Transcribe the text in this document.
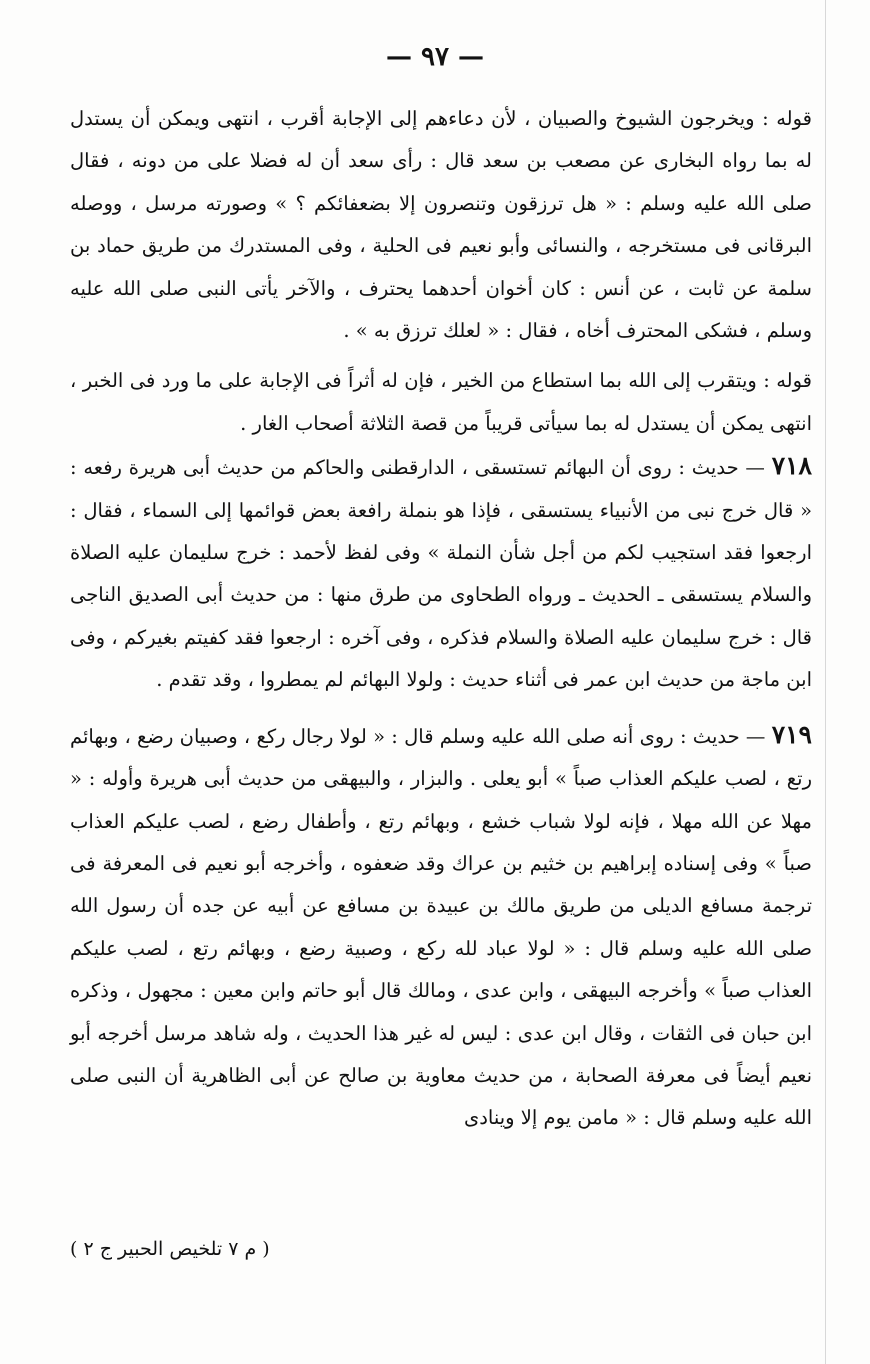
— ٩٧ —

قوله : ويخرجون الشيوخ والصبيان ، لأن دعاءهم إلى الإجابة أقرب ، انتهى ويمكن أن يستدل له بما رواه البخارى عن مصعب بن سعد قال : رأى سعد أن له فضلا على من دونه ، فقال صلى الله عليه وسلم : « هل ترزقون وتنصرون إلا بضعفائكم ؟ » وصورته مرسل ، ووصله البرقانى فى مستخرجه ، والنسائى وأبو نعيم فى الحلية ، وفى المستدرك من طريق حماد بن سلمة عن ثابت ، عن أنس : كان أخوان أحدهما يحترف ، والآخر يأتى النبى صلى الله عليه وسلم ، فشكى المحترف أخاه ، فقال : « لعلك ترزق به » .

قوله : ويتقرب إلى الله بما استطاع من الخير ، فإن له أثراً فى الإجابة على ما ورد فى الخبر ، انتهى يمكن أن يستدل له بما سيأتى قريباً من قصة الثلاثة أصحاب الغار .

٧١٨ — حديث : روى أن البهائم تستسقى ، الدارقطنى والحاكم من حديث أبى هريرة رفعه : « قال خرج نبى من الأنبياء يستسقى ، فإذا هو بنملة رافعة بعض قوائمها إلى السماء ، فقال : ارجعوا فقد استجيب لكم من أجل شأن النملة » وفى لفظ لأحمد : خرج سليمان عليه الصلاة والسلام يستسقى ـ الحديث ـ ورواه الطحاوى من طرق منها : من حديث أبى الصديق الناجى قال : خرج سليمان عليه الصلاة والسلام فذكره ، وفى آخره : ارجعوا فقد كفيتم بغيركم ، وفى ابن ماجة من حديث ابن عمر فى أثناء حديث : ولولا البهائم لم يمطروا ، وقد تقدم .

٧١٩ — حديث : روى أنه صلى الله عليه وسلم قال : « لولا رجال ركع ، وصبيان رضع ، وبهائم رتع ، لصب عليكم العذاب صباً » أبو يعلى . والبزار ، والبيهقى من حديث أبى هريرة وأوله : « مهلا عن الله مهلا ، فإنه لولا شباب خشع ، وبهائم رتع ، وأطفال رضع ، لصب عليكم العذاب صباً » وفى إسناده إبراهيم بن خثيم بن عراك وقد ضعفوه ، وأخرجه أبو نعيم فى المعرفة فى ترجمة مسافع الديلى من طريق مالك بن عبيدة بن مسافع عن أبيه عن جده أن رسول الله صلى الله عليه وسلم قال : « لولا عباد لله ركع ، وصبية رضع ، وبهائم رتع ، لصب عليكم العذاب صباً » وأخرجه البيهقى ، وابن عدى ، ومالك قال أبو حاتم وابن معين : مجهول ، وذكره ابن حبان فى الثقات ، وقال ابن عدى : ليس له غير هذا الحديث ، وله شاهد مرسل أخرجه أبو نعيم أيضاً فى معرفة الصحابة ، من حديث معاوية بن صالح عن أبى الظاهرية أن النبى صلى الله عليه وسلم قال : « مامن يوم إلا وينادى

( م ٧ تلخيص الحبير ج ٢ )
